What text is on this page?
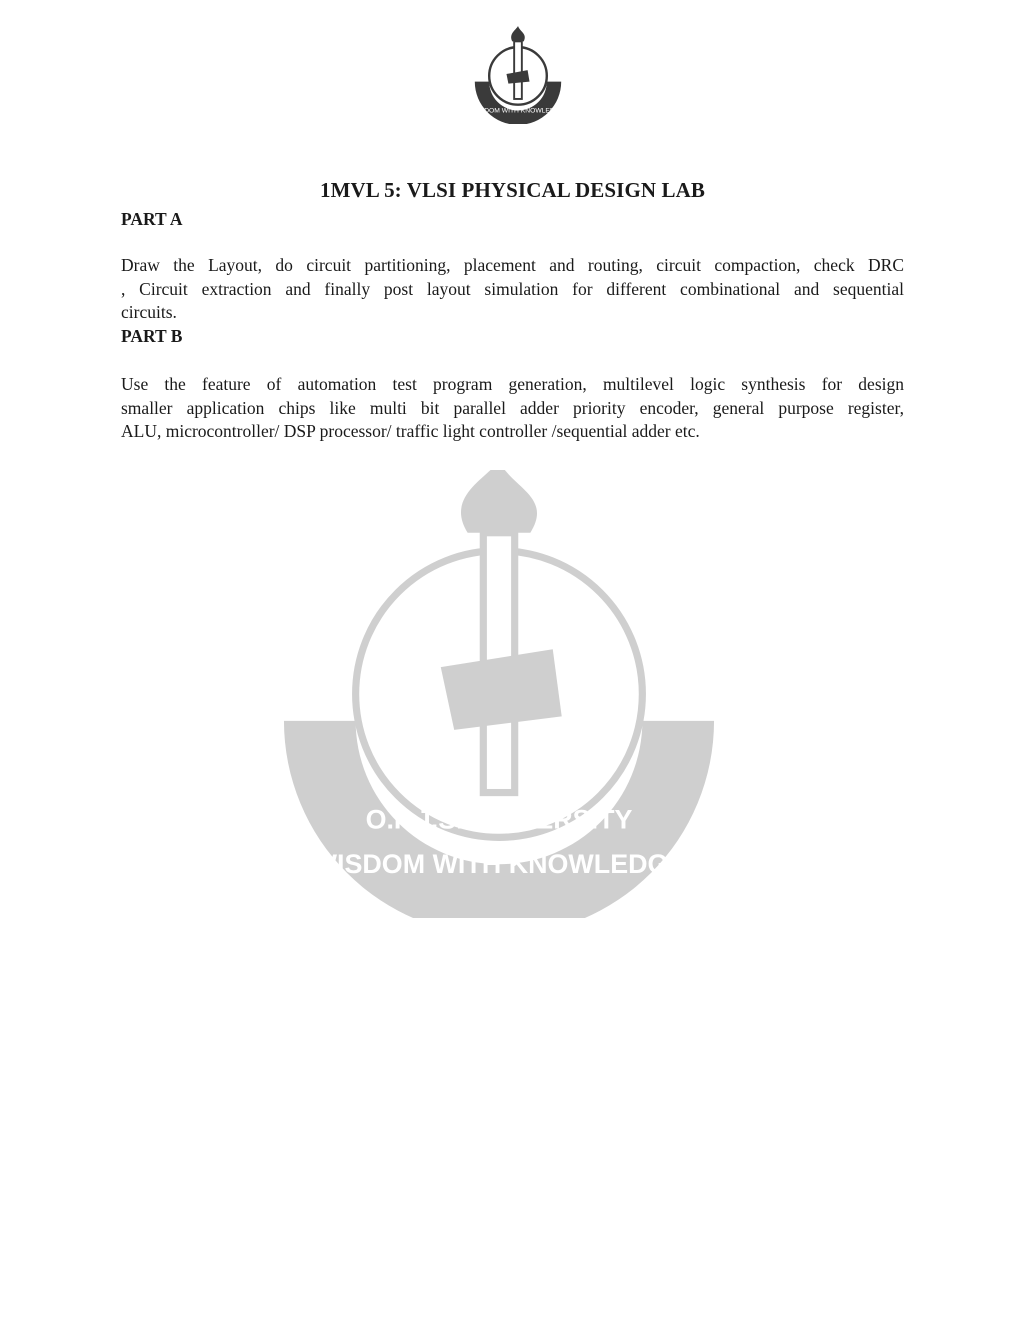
WISDOM WITH KNOWLEDGE
O.P.J.S. UNIVERSITY
WISDOM WITH KNOWLEDGE
1MVL 5: VLSI PHYSICAL DESIGN LAB

PART A

Draw the Layout, do circuit partitioning, placement and routing, circuit compaction, check DRC
, Circuit extraction and finally post layout simulation for different combinational and sequential
circuits.

PART B

Use the feature of automation test program generation, multilevel logic synthesis for design
smaller application chips like multi bit parallel adder priority encoder, general purpose register,
ALU, microcontroller/ DSP processor/ traffic light controller /sequential adder etc.
